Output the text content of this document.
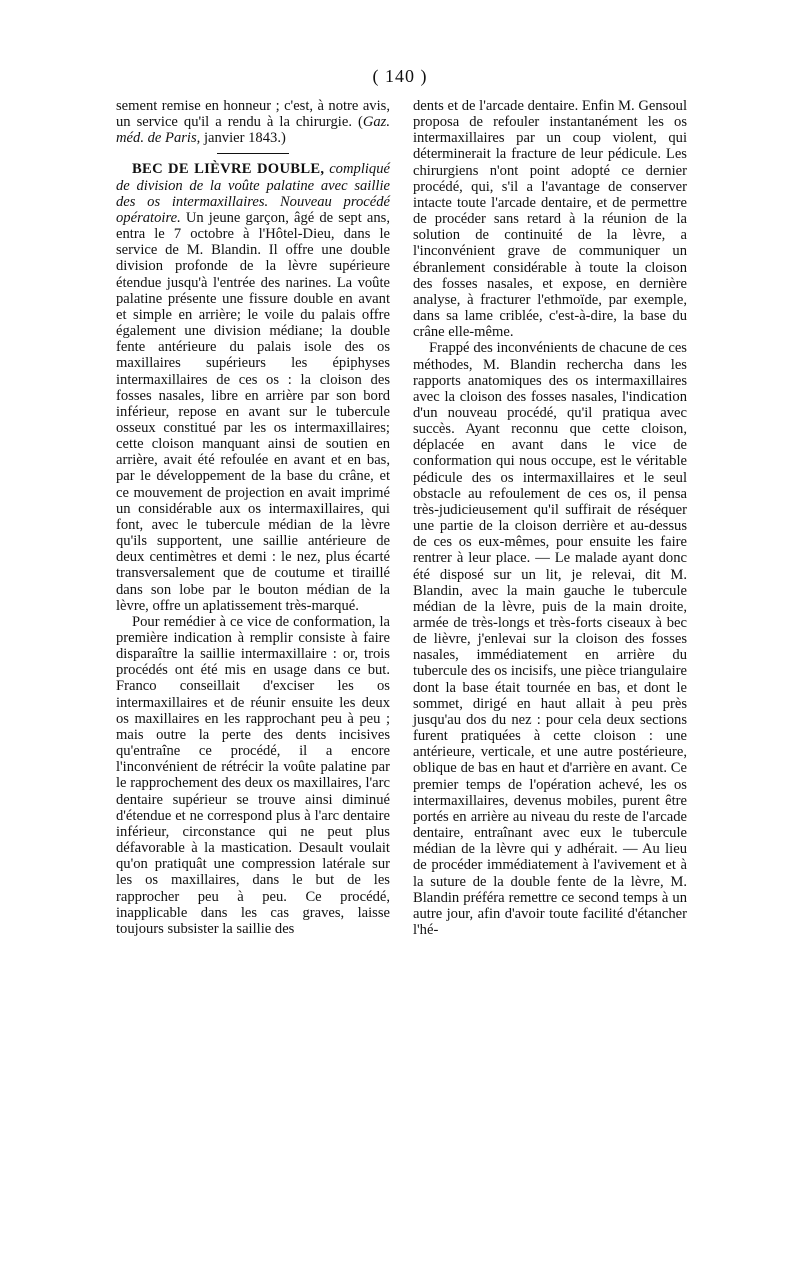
( 140 )

sement remise en honneur ; c'est, à notre avis, un service qu'il a rendu à la chirurgie. (Gaz. méd. de Paris, janvier 1843.)

BEC DE LIÈVRE DOUBLE, compliqué de division de la voûte palatine avec saillie des os intermaxillaires. Nouveau procédé opératoire. Un jeune garçon, âgé de sept ans, entra le 7 octobre à l'Hôtel-Dieu, dans le service de M. Blandin. Il offre une double division profonde de la lèvre supérieure étendue jusqu'à l'entrée des narines. La voûte palatine présente une fissure double en avant et simple en arrière; le voile du palais offre également une division médiane; la double fente antérieure du palais isole des os maxillaires supérieurs les épiphyses intermaxillaires de ces os : la cloison des fosses nasales, libre en arrière par son bord inférieur, repose en avant sur le tubercule osseux constitué par les os intermaxillaires; cette cloison manquant ainsi de soutien en arrière, avait été refoulée en avant et en bas, par le développement de la base du crâne, et ce mouvement de projection en avait imprimé un considérable aux os intermaxillaires, qui font, avec le tubercule médian de la lèvre qu'ils supportent, une saillie antérieure de deux centimètres et demi : le nez, plus écarté transversalement que de coutume et tiraillé dans son lobe par le bouton médian de la lèvre, offre un aplatissement très-marqué.

Pour remédier à ce vice de conformation, la première indication à remplir consiste à faire disparaître la saillie intermaxillaire : or, trois procédés ont été mis en usage dans ce but. Franco conseillait d'exciser les os intermaxillaires et de réunir ensuite les deux os maxillaires en les rapprochant peu à peu ; mais outre la perte des dents incisives qu'entraîne ce procédé, il a encore l'inconvénient de rétrécir la voûte palatine par le rapprochement des deux os maxillaires, l'arc dentaire supérieur se trouve ainsi diminué d'étendue et ne correspond plus à l'arc dentaire inférieur, circonstance qui ne peut plus défavorable à la mastication. Desault voulait qu'on pratiquât une compression latérale sur les os maxillaires, dans le but de les rapprocher peu à peu. Ce procédé, inapplicable dans les cas graves, laisse toujours subsister la saillie des

dents et de l'arcade dentaire. Enfin M. Gensoul proposa de refouler instantanément les os intermaxillaires par un coup violent, qui déterminerait la fracture de leur pédicule. Les chirurgiens n'ont point adopté ce dernier procédé, qui, s'il a l'avantage de conserver intacte toute l'arcade dentaire, et de permettre de procéder sans retard à la réunion de la solution de continuité de la lèvre, a l'inconvénient grave de communiquer un ébranlement considérable à toute la cloison des fosses nasales, et expose, en dernière analyse, à fracturer l'ethmoïde, par exemple, dans sa lame criblée, c'est-à-dire, la base du crâne elle-même.

Frappé des inconvénients de chacune de ces méthodes, M. Blandin rechercha dans les rapports anatomiques des os intermaxillaires avec la cloison des fosses nasales, l'indication d'un nouveau procédé, qu'il pratiqua avec succès. Ayant reconnu que cette cloison, déplacée en avant dans le vice de conformation qui nous occupe, est le véritable pédicule des os intermaxillaires et le seul obstacle au refoulement de ces os, il pensa très-judicieusement qu'il suffirait de réséquer une partie de la cloison derrière et au-dessus de ces os eux-mêmes, pour ensuite les faire rentrer à leur place. — Le malade ayant donc été disposé sur un lit, je relevai, dit M. Blandin, avec la main gauche le tubercule médian de la lèvre, puis de la main droite, armée de très-longs et très-forts ciseaux à bec de lièvre, j'enlevai sur la cloison des fosses nasales, immédiatement en arrière du tubercule des os incisifs, une pièce triangulaire dont la base était tournée en bas, et dont le sommet, dirigé en haut allait à peu près jusqu'au dos du nez : pour cela deux sections furent pratiquées à cette cloison : une antérieure, verticale, et une autre postérieure, oblique de bas en haut et d'arrière en avant. Ce premier temps de l'opération achevé, les os intermaxillaires, devenus mobiles, purent être portés en arrière au niveau du reste de l'arcade dentaire, entraînant avec eux le tubercule médian de la lèvre qui y adhérait. — Au lieu de procéder immédiatement à l'avivement et à la suture de la double fente de la lèvre, M. Blandin préféra remettre ce second temps à un autre jour, afin d'avoir toute facilité d'étancher l'hé-
